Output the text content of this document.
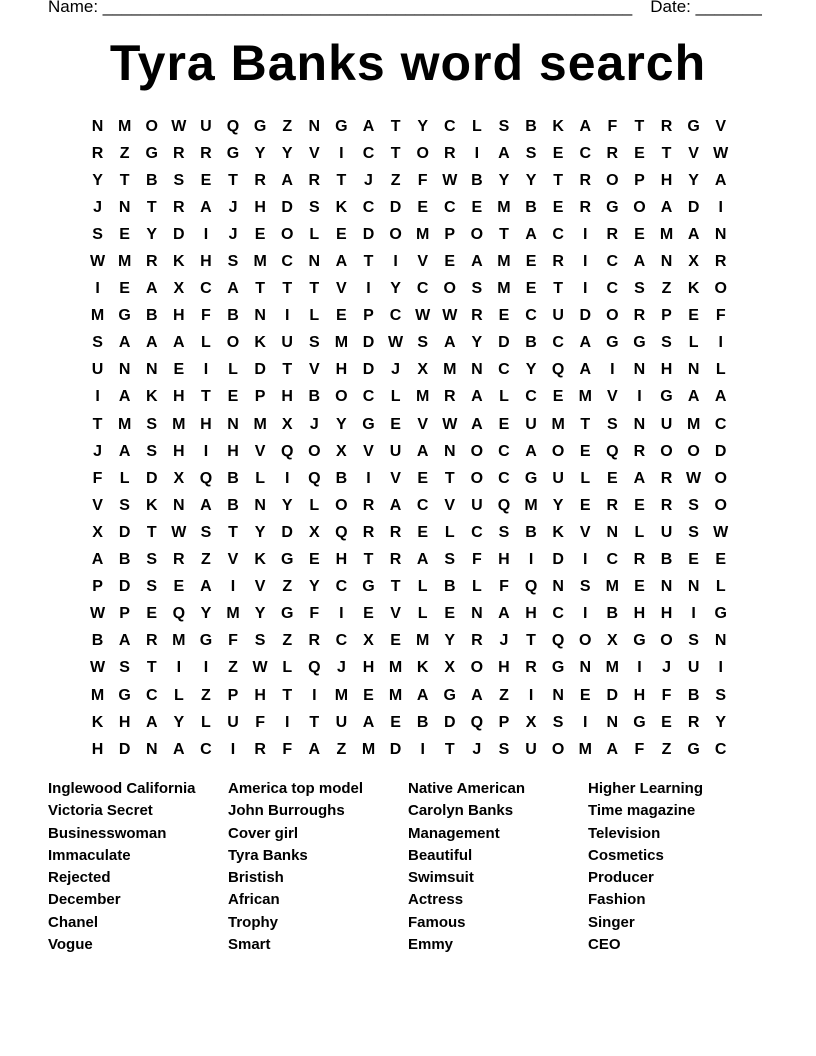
Name: ________________________________________________________ Date: _______
Tyra Banks word search
N M O W U Q G Z	N G A	T	Y C	L	S B K A	F	T	R G V
R	Z G R R G Y	Y	V	I	C	T O R	I	A S	E C R E	T	V W
Y	T	B S	E	T	R A R	T	J	Z	F W B Y	Y	T	R O P H Y A
J	N	T	R A	J	H D S K C D E C E M B E R G O A D	I
S	E	Y D	I	J	E O L	E D O M P O T	A C	I	R E M A N
W M R K H S M C N A	T	I	V	E A M E R	I	C A N X R
I	E A X C A	T	T	T	V	I	Y C O S M E	T	I	C S	Z	K O
M G B H	F	B N	I	L	E	P C W W R E C U D O R P	E	F
S A A A	L O K U S M D W S A Y D B C A G G S	L	I
U N N E	I	L	D	T	V H D	J	X M N C Y Q A	I	N H N	L
I	A K H	T	E	P H B O C	L M R A	L	C E M V	I	G A A
T M S M H N M X	J	Y G E	V W A E U M T	S N U M C
J	A S H	I	H V Q O X	V U A N O C A O E Q R O O D
F	L	D X Q B	L	I	Q B	I	V	E	T O C G U	L	E A R W O
V	S K N A B N Y	L O R A C V U Q M Y	E R E R S O
X D	T W S	T	Y D X Q R R E	L	C S B K V N	L	U S W
A B S R	Z	V K G E H	T	R A S	F	H	I	D	I	C R B E	E
P D S	E A	I	V	Z	Y C G T	L	B	L	F Q N S M E N N	L
W P	E Q Y M Y G F	I	E	V	L	E N A H C	I	B H H	I	G
B A R M G F	S	Z	R C X	E M Y R	J	T Q O X G O S N
W S	T	I	I	Z W L Q	J	H M K X O H R G N M	I	J	U	I
M G C	L	Z	P H	T	I	M E M A G A	Z	I	N E D H	F	B S
K H A Y	L	U	F	I	T	U A E B D Q P	X	S	I	N G E R Y
H D N A C	I	R	F	A	Z M D	I	T	J	S U O M A	F	Z G C
Inglewood California
Victoria Secret
Businesswoman
Immaculate
Rejected
December
Chanel
Vogue
America top model
John Burroughs
Cover girl
Tyra Banks
Bristish
African
Trophy
Smart
Native American
Carolyn Banks
Management
Beautiful
Swimsuit
Actress
Famous
Emmy
Higher Learning
Time magazine
Television
Cosmetics
Producer
Fashion
Singer
CEO
